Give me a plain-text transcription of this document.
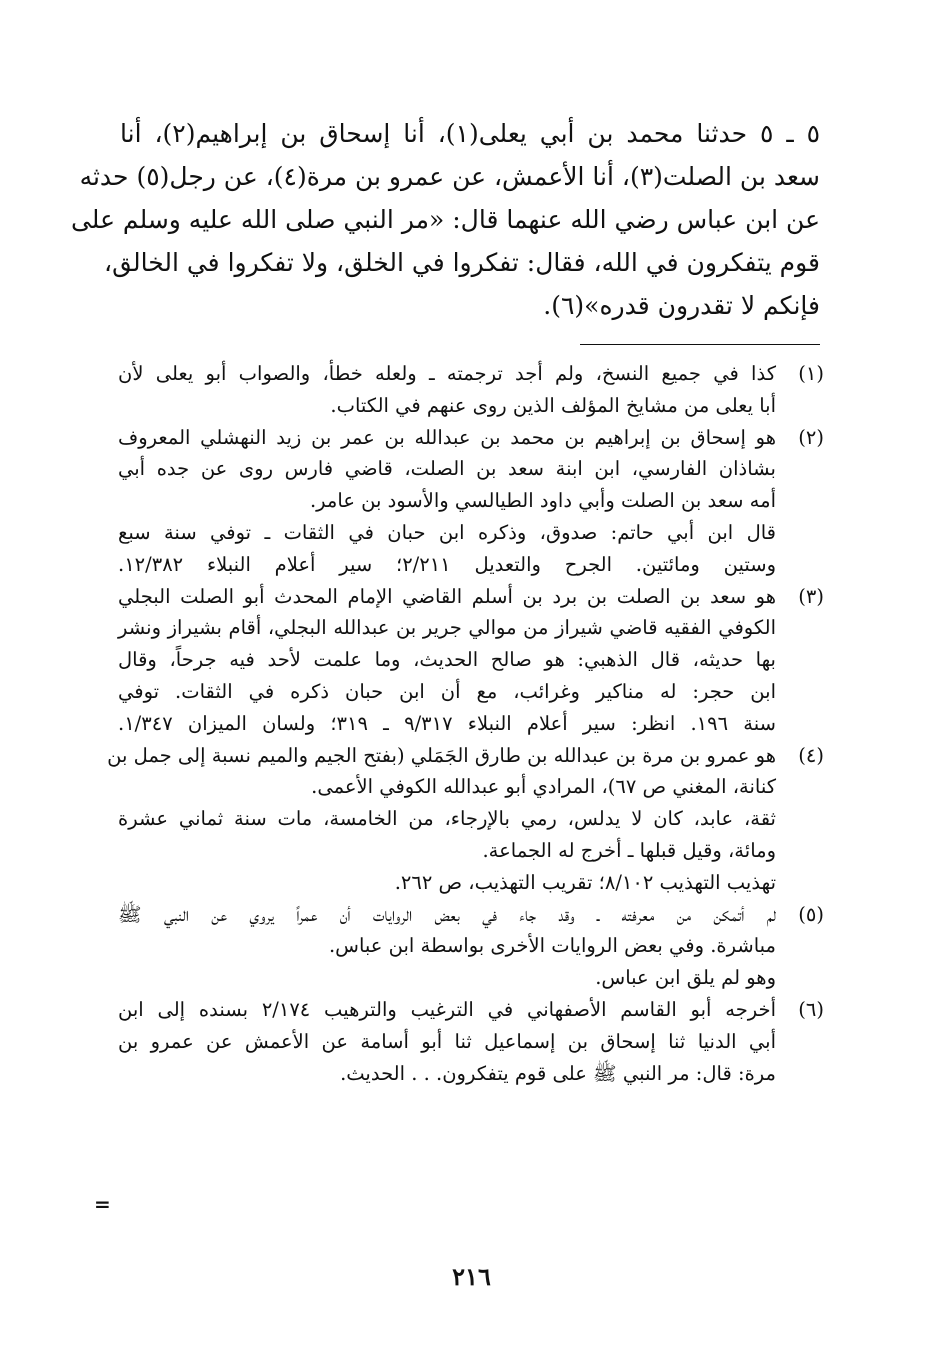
٥ ـ ٥ حدثنا محمد بن أبي يعلى(١)، أنا إسحاق بن إبراهيم(٢)، أنا
سعد بن الصلت(٣)، أنا الأعمش، عن عمرو بن مرة(٤)، عن رجل(٥) حدثه
عن ابن عباس رضي الله عنهما قال: «مر النبي صلى الله عليه وسلم على
قوم يتفكرون في الله، فقال: تفكروا في الخلق، ولا تفكروا في الخالق،
فإنكم لا تقدرون قدره»(٦).
(١)
كذا في جميع النسخ، ولم أجد ترجمته ـ ولعله خطأ، والصواب أبو يعلى لأن
أبا يعلى من مشايخ المؤلف الذين روى عنهم في الكتاب.
(٢)
هو إسحاق بن إبراهيم بن محمد بن عبدالله بن عمر بن زيد النهشلي المعروف
بشاذان الفارسي، ابن ابنة سعد بن الصلت، قاضي فارس روى عن جده أبي
أمه سعد بن الصلت وأبي داود الطيالسي والأسود بن عامر.
قال ابن أبي حاتم: صدوق، وذكره ابن حبان في الثقات ـ توفي سنة سبع
وستين ومائتين. الجرح والتعديل ٢/٢١١؛ سير أعلام النبلاء ١٢/٣٨٢.
(٣)
هو سعد بن الصلت بن برد بن أسلم القاضي الإمام المحدث أبو الصلت البجلي
الكوفي الفقيه قاضي شيراز من موالي جرير بن عبدالله البجلي، أقام بشيراز ونشر
بها حديثه، قال الذهبي: هو صالح الحديث، وما علمت لأحد فيه جرحاً، وقال
ابن حجر: له مناكير وغرائب، مع أن ابن حبان ذكره في الثقات. توفي
سنة ١٩٦. انظر: سير أعلام النبلاء ٩/٣١٧ ـ ٣١٩؛ ولسان الميزان ١/٣٤٧.
(٤)
هو عمرو بن مرة بن عبدالله بن طارق الجَمَلي (بفتح الجيم والميم نسبة إلى جمل بن
كنانة، المغني ص ٦٧)، المرادي أبو عبدالله الكوفي الأعمى.
ثقة، عابد، كان لا يدلس، رمي بالإرجاء، من الخامسة، مات سنة ثماني عشرة
ومائة، وقيل قبلها ـ أخرج له الجماعة.
تهذيب التهذيب ٨/١٠٢؛ تقريب التهذيب، ص ٢٦٢.
(٥)
لم أتمكن من معرفته ـ وقد جاء في بعض الروايات أن عمراً يروي عن النبي ﷺ
مباشرة. وفي بعض الروايات الأخرى بواسطة ابن عباس.
وهو لم يلق ابن عباس.
(٦)
أخرجه أبو القاسم الأصفهاني في الترغيب والترهيب ٢/١٧٤ بسنده إلى ابن
أبي الدنيا ثنا إسحاق بن إسماعيل ثنا أبو أسامة عن الأعمش عن عمرو بن
مرة: قال: مر النبي ﷺ على قوم يتفكرون. . . الحديث.
=
٢١٦
